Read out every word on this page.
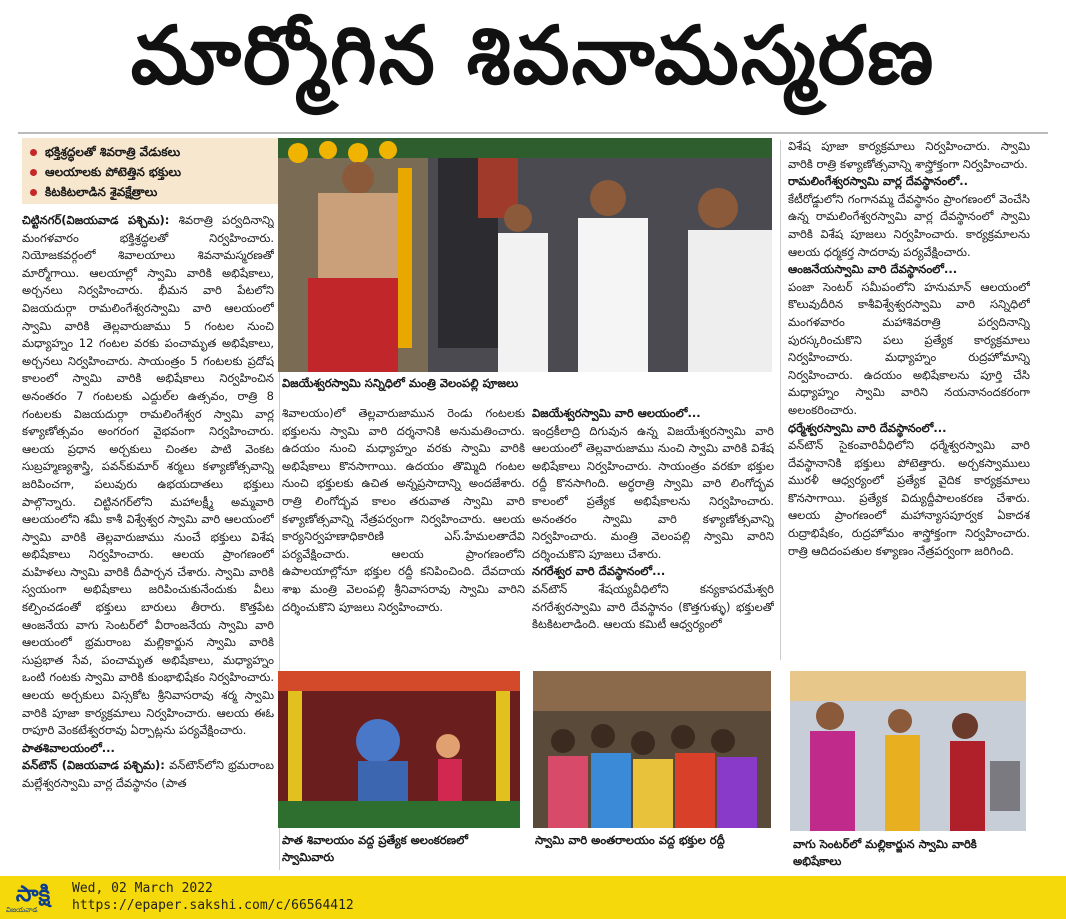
మార్మోగిన శివనామస్మరణ
భక్తిశ్రద్ధలతో శివరాత్రి వేడుకలు
ఆలయాలకు పోటెత్తిన భక్తులు
కిటకిటలాడిన శైవక్షేత్రాలు

చిట్టినగర్‌(విజయవాడ పశ్చిమ): శివరాత్రి పర్వదినాన్ని మంగళవారం భక్తిశ్రద్ధలతో నిర్వహించారు. నియోజకవర్గంలో శివాలయాలు శివనామస్మరణతో మార్మోగాయి. ఆలయాల్లో స్వామి వారికి అభిషేకాలు, అర్చనలు నిర్వహించారు. భీమన వారి పేటలోని విజయదుర్గా రామలింగేశ్వరస్వామి వారి ఆలయంలో స్వామి వారికి తెల్లవారుజాము 5 గంటల నుంచి మధ్యాహ్నం 12 గంటల వరకు పంచామృత అభిషేకాలు, అర్చనలు నిర్వహించారు. సాయంత్రం 5 గంటలకు ప్రదోష కాలంలో స్వామి వారికి అభిషేకాలు నిర్వహించిన అనంతరం 7 గంటలకు ఎద్దుల్‌ల ఉత్సవం, రాత్రి 8 గంటలకు విజయదుర్గా రామలింగేశ్వర స్వామి వార్ల కళ్యాణోత్సవం అంగరంగ వైభవంగా నిర్వహించారు. ఆలయ ప్రధాన అర్చకులు చింతల పాటి వెంకట సుబ్రహ్మణ్యశాస్త్రి, పవన్‌కుమార్‌ శర్మలు కళ్యాణోత్సవాన్ని జరిపించగా, పలువురు ఉభయదాతలు భక్తులు పాల్గొన్నారు. చిట్టినగర్‌లోని మహాలక్ష్మీ అమ్మవారి ఆలయంలోని శమీ కాశీ విశ్వేశ్వర స్వామి వారి ఆలయంలో స్వామి వారికి తెల్లవారుజాము నుంచే భక్తులు విశేష అభిషేకాలు నిర్వహించారు. ఆలయ ప్రాంగణంలో మహిళలు స్వామి వారికి దీపార్చన చేశారు. స్వామి వారికి స్వయంగా అభిషేకాలు జరిపించుకునేందుకు వీలు కల్పించడంతో భక్తులు బారులు తీరారు. కొత్తపేట ఆంజనేయ వాగు సెంటర్‌లో వీరాంజనేయ స్వామి వారి ఆలయంలో భ్రమరాంబ మల్లికార్జున స్వామి వారికి సుప్రభాత సేవ, పంచామృత అభిషేకాలు, మధ్యాహ్నం ఒంటి గంటకు స్వామి వారికి కుంభాభిషేకం నిర్వహించారు. ఆలయ అర్చకులు విస్సకోట శ్రీనివాసరావు శర్మ స్వామి వారికి పూజా కార్యక్రమాలు నిర్వహించారు. ఆలయ ఈఓ రాపూరి వెంకటేశ్వరరావు ఏర్పాట్లను పర్యవేక్షించారు.

పాతశివాలయంలో...

వన్‌టౌన్‌ (విజయవాడ పశ్చిమ): వన్‌టౌన్‌లోని భ్రమరాంబ మల్లేశ్వరస్వామి వార్ల దేవస్థానం (పాత

విజయేశ్వరస్వామి సన్నిధిలో మంత్రి వెలంపల్లి పూజలు

శివాలయం)లో తెల్లవారుజామున రెండు గంటలకు భక్తులను స్వామి వారి దర్శనానికి అనుమతించారు. ఉదయం నుంచి మధ్యాహ్నం వరకు స్వామి వారికి అభిషేకాలు కొనసాగాయి. ఉదయం తొమ్మిది గంటల నుంచి భక్తులకు ఉచిత అన్నప్రసాదాన్ని అందజేశారు. రాత్రి లింగోద్భవ కాలం తరువాత స్వామి వారి కళ్యాణోత్సవాన్ని నేత్రపర్వంగా నిర్వహించారు. ఆలయ కార్యనిర్వహణాధికారిణి ఎస్‌.హేమలతాదేవి పర్యవేక్షించారు. ఆలయ ప్రాంగణంలోని ఉపాలయాల్లోనూ భక్తుల రద్దీ కనిపించింది. దేవదాయ శాఖ మంత్రి వెలంపల్లి శ్రీనివాసరావు స్వామి వారిని దర్శించుకొని పూజలు నిర్వహించారు.

విజయేశ్వరస్వామి వారి ఆలయంలో...

ఇంద్రకీలాద్రి దిగువున ఉన్న విజయేశ్వరస్వామి వారి ఆలయంలో తెల్లవారుజాము నుంచి స్వామి వారికి విశేష అభిషేకాలు నిర్వహించారు. సాయంత్రం వరకూ భక్తుల రద్దీ కొనసాగింది. అర్ధరాత్రి స్వామి వారి లింగోద్భవ కాలంలో ప్రత్యేక అభిషేకాలను నిర్వహించారు. అనంతరం స్వామి వారి కళ్యాణోత్సవాన్ని నిర్వహించారు. మంత్రి వెలంపల్లి స్వామి వారిని దర్శించుకొని పూజలు చేశారు.

నగరేశ్వర వారి దేవస్థానంలో...

వన్‌టౌన్‌ శేషయ్యవీధిలోని కన్యకాపరమేశ్వరి నగరేశ్వరస్వామి వారి దేవస్థానం (కొత్తగుళ్ళు) భక్తులతో కిటకిటలాడింది. ఆలయ కమిటీ ఆధ్వర్యంలో

విశేష పూజా కార్యక్రమాలు నిర్వహించారు. స్వామి వారికి రాత్రి కళ్యాణోత్సవాన్ని శాస్త్రోక్తంగా నిర్వహించారు.

రామలింగేశ్వరస్వామి వార్ల దేవస్థానంలో..

కేటీరోడ్డులోని గంగానమ్మ దేవస్థానం ప్రాంగణంలో వెంచేసి ఉన్న రామలింగేశ్వరస్వామి వార్ల దేవస్థానంలో స్వామి వారికి విశేష పూజలు నిర్వహించారు. కార్యక్రమాలను ఆలయ ధర్మకర్త సాదరావు పర్యవేక్షించారు.

ఆంజనేయస్వామి వారి దేవస్థానంలో...

పంజా సెంటర్‌ సమీపంలోని హనుమాన్‌ ఆలయంలో కొలువుదీరిన కాశీవిశ్వేశ్వరస్వామి వారి సన్నిధిలో మంగళవారం మహాశివరాత్రి పర్వదినాన్ని పురస్కరించుకొని పలు ప్రత్యేక కార్యక్రమాలు నిర్వహించారు. మధ్యాహ్నం రుద్రహోమాన్ని నిర్వహించారు. ఉదయం అభిషేకాలను పూర్తి చేసి మధ్యాహ్నం స్వామి వారిని నయనానందకరంగా అలంకరించారు.

ధర్మేశ్వరస్వామి వారి దేవస్థానంలో...

వన్‌టౌన్‌ సైకంవారివీధిలోని ధర్మేశ్వరస్వామి వారి దేవస్థానానికి భక్తులు పోటెత్తారు. అర్చకస్వాములు మురళీ ఆధ్వర్యంలో ప్రత్యేక వైదిక కార్యక్రమాలు కొనసాగాయి. ప్రత్యేక విద్యుద్దీపాలంకరణ చేశారు. ఆలయ ప్రాంగణంలో మహాన్యాసపూర్వక ఏకాదశ రుద్రాభిషేకం, రుద్రహోమం శాస్త్రోక్తంగా నిర్వహించారు. రాత్రి ఆదిదంపతుల కళ్యాణం నేత్రపర్వంగా జరిగింది.

పాత శివాలయం వద్ద ప్రత్యేక అలంకరణలో స్వామివారు
స్వామి వారి అంతరాలయం వద్ద భక్తుల రద్దీ	వాగు సెంటర్‌లో మల్లికార్జున స్వామి వారికి అభిషేకాలు
సాక్షి
విజయవాడ
Wed, 02 March 2022
https://epaper.sakshi.com/c/66564412
